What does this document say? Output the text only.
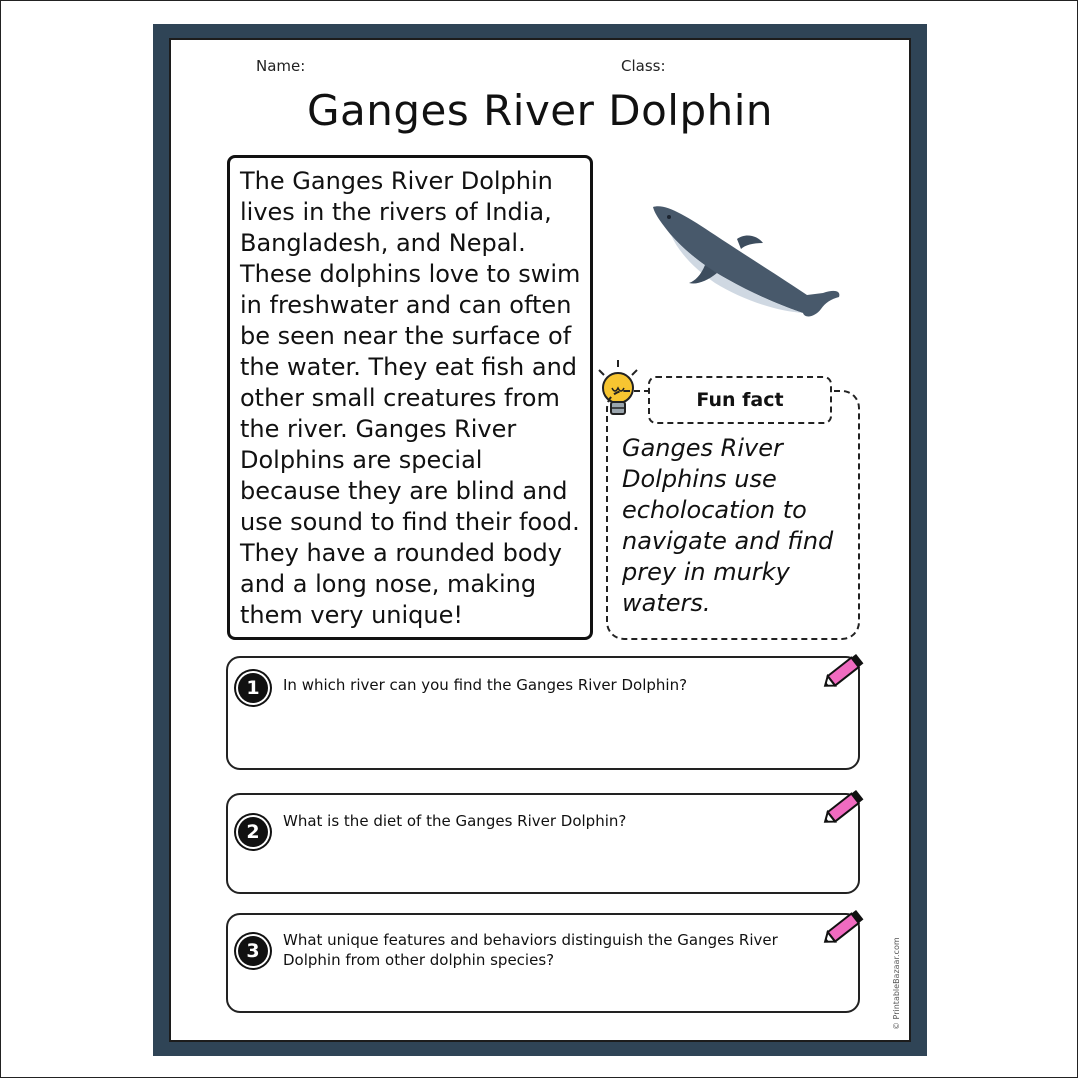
Name:	Class:
Ganges River Dolphin
The Ganges River Dolphin lives in the rivers of India, Bangladesh, and Nepal. These dolphins love to swim in freshwater and can often be seen near the surface of the water. They eat fish and other small creatures from the river. Ganges River Dolphins are special because they are blind and use sound to find their food. They have a rounded body and a long nose, making them very unique!
Fun fact
Ganges River Dolphins use echolocation to navigate and find prey in murky waters.
1	In which river can you find the Ganges River Dolphin?
2	What is the diet of the Ganges River Dolphin?
3	What unique features and behaviors distinguish the Ganges River Dolphin from other dolphin species?	© PrintableBazaar.com
